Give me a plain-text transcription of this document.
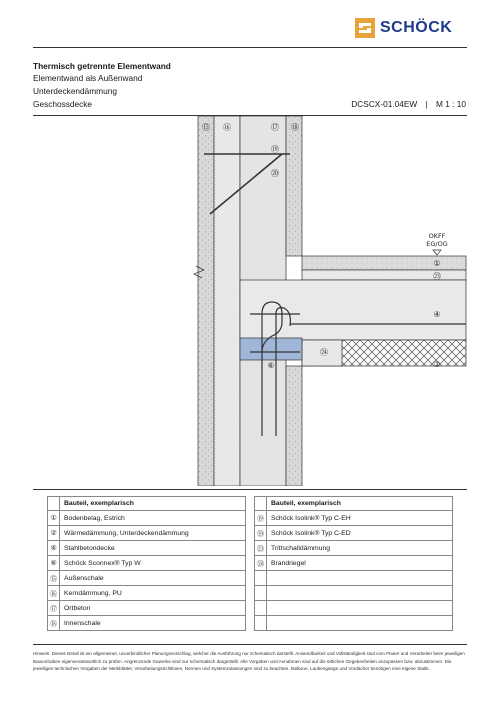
SCHÖCK
Thermisch getrennte Elementwand
Elementwand als Außenwand
Unterdeckendämmung
Geschossdecke	DCSCX-01.04EW | M 1 : 10
⑮ ⑯	⑰ ⑱
⑲
⑳
①
㉓
④
⑥	②
㉔
OKFF
EG/OG
	Bauteil, exemplarisch
①	Bodenbelag, Estrich
②	Wärmedämmung, Unterdeckendämmung
④	Stahlbetondecke
⑥	Schöck Sconnex® Typ W
⑮	Außenschale
⑯	Kerndämmung, PU
⑰	Ortbeton
⑱	Innenschale
	Bauteil, exemplarisch
⑲	Schöck Isolink® Typ C-EH
⑳	Schöck Isolink® Typ C-ED
㉓	Trittschalldämmung
㉔	Brandriegel

Hinweis: Dieses Detail ist ein allgemeiner, unverbindlicher Planungsvorschlag, welcher die Ausführung nur schematisch darstellt. Anwendbarkeit und Vollständigkeit sind vom Planer und Verarbeiter beim jeweiligen Bauvorhaben eigenverantwortlich zu prüfen. Angrenzende Gewerke sind nur schematisch dargestellt. Alle Vorgaben und Annahmen sind auf die örtlichen Gegebenheiten anzupassen bzw. abzustimmen. Die jeweiligen technischen Vorgaben der Merkblätter, Verarbeitungsrichtlinien, Normen und Systemzulassungen sind zu beachten. Balkone, Laubengänge und Vordächer benötigen eine eigene Statik.
